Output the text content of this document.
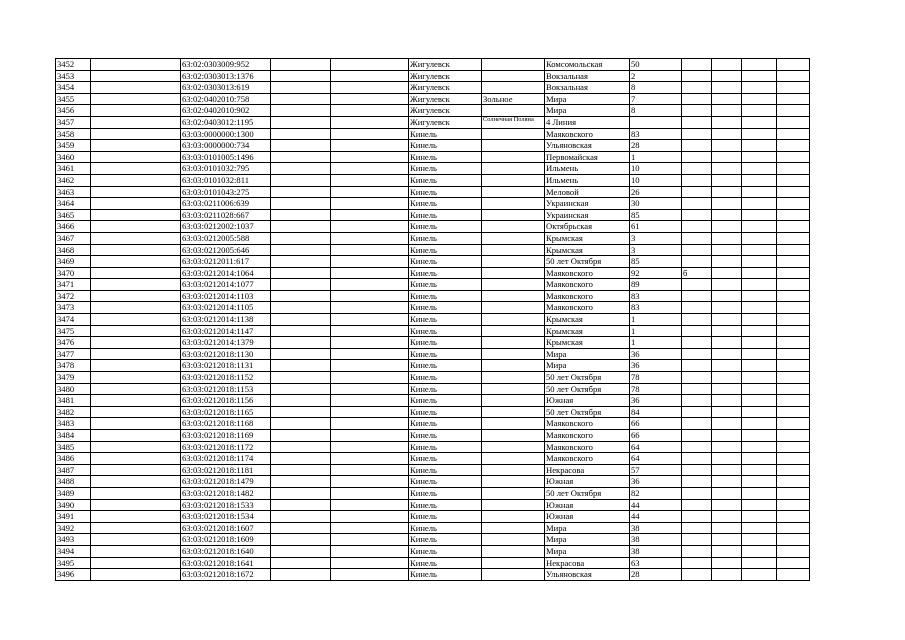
3452		63:02:0303009:952			Жигулевск		Комсомольская	50				
3453		63:02:0303013:1376			Жигулевск		Вокзальная	2				
3454		63:02:0303013:619			Жигулевск		Вокзальная	8				
3455		63:02:0402010:758			Жигулевск	Зольное	Мира	7				
3456		63:02:0402010:902			Жигулевск		Мира	8				
3457		63:02:0403012:1195			Жигулевск	Солнечная Поляна	4 Линия					
3458		63:03:0000000:1300			Кинель		Маяковского	83				
3459		63:03:0000000:734			Кинель		Ульяновская	28				
3460		63:03:0101005:1496			Кинель		Первомайская	1				
3461		63:03:0101032:795			Кинель		Ильмень	10				
3462		63:03:0101032:811			Кинель		Ильмень	10				
3463		63:03:0101043:275			Кинель		Меловой	26				
3464		63:03:0211006:639			Кинель		Украинская	30				
3465		63:03:0211028:667			Кинель		Украинская	85				
3466		63:03:0212002:1037			Кинель		Октябрьская	61				
3467		63:03:0212005:588			Кинель		Крымская	3				
3468		63:03:0212005:646			Кинель		Крымская	3				
3469		63:03:0212011:617			Кинель		50 лет Октября	85				
3470		63:03:0212014:1064			Кинель		Маяковского	92	б			
3471		63:03:0212014:1077			Кинель		Маяковского	89				
3472		63:03:0212014:1103			Кинель		Маяковского	83				
3473		63:03:0212014:1105			Кинель		Маяковского	83				
3474		63:03:0212014:1138			Кинель		Крымская	1				
3475		63:03:0212014:1147			Кинель		Крымская	1				
3476		63:03:0212014:1379			Кинель		Крымская	1				
3477		63:03:0212018:1130			Кинель		Мира	36				
3478		63:03:0212018:1131			Кинель		Мира	36				
3479		63:03:0212018:1152			Кинель		50 лет Октября	78				
3480		63:03:0212018:1153			Кинель		50 лет Октября	78				
3481		63:03:0212018:1156			Кинель		Южная	36				
3482		63:03:0212018:1165			Кинель		50 лет Октября	84				
3483		63:03:0212018:1168			Кинель		Маяковского	66				
3484		63:03:0212018:1169			Кинель		Маяковского	66				
3485		63:03:0212018:1172			Кинель		Маяковского	64				
3486		63:03:0212018:1174			Кинель		Маяковского	64				
3487		63:03:0212018:1181			Кинель		Некрасова	57				
3488		63:03:0212018:1479			Кинель		Южная	36				
3489		63:03:0212018:1482			Кинель		50 лет Октября	82				
3490		63:03:0212018:1533			Кинель		Южная	44				
3491		63:03:0212018:1534			Кинель		Южная	44				
3492		63:03:0212018:1607			Кинель		Мира	38				
3493		63:03:0212018:1609			Кинель		Мира	38				
3494		63:03:0212018:1640			Кинель		Мира	38				
3495		63:03:0212018:1641			Кинель		Некрасова	63				
3496		63:03:0212018:1672			Кинель		Ульяновская	28				
